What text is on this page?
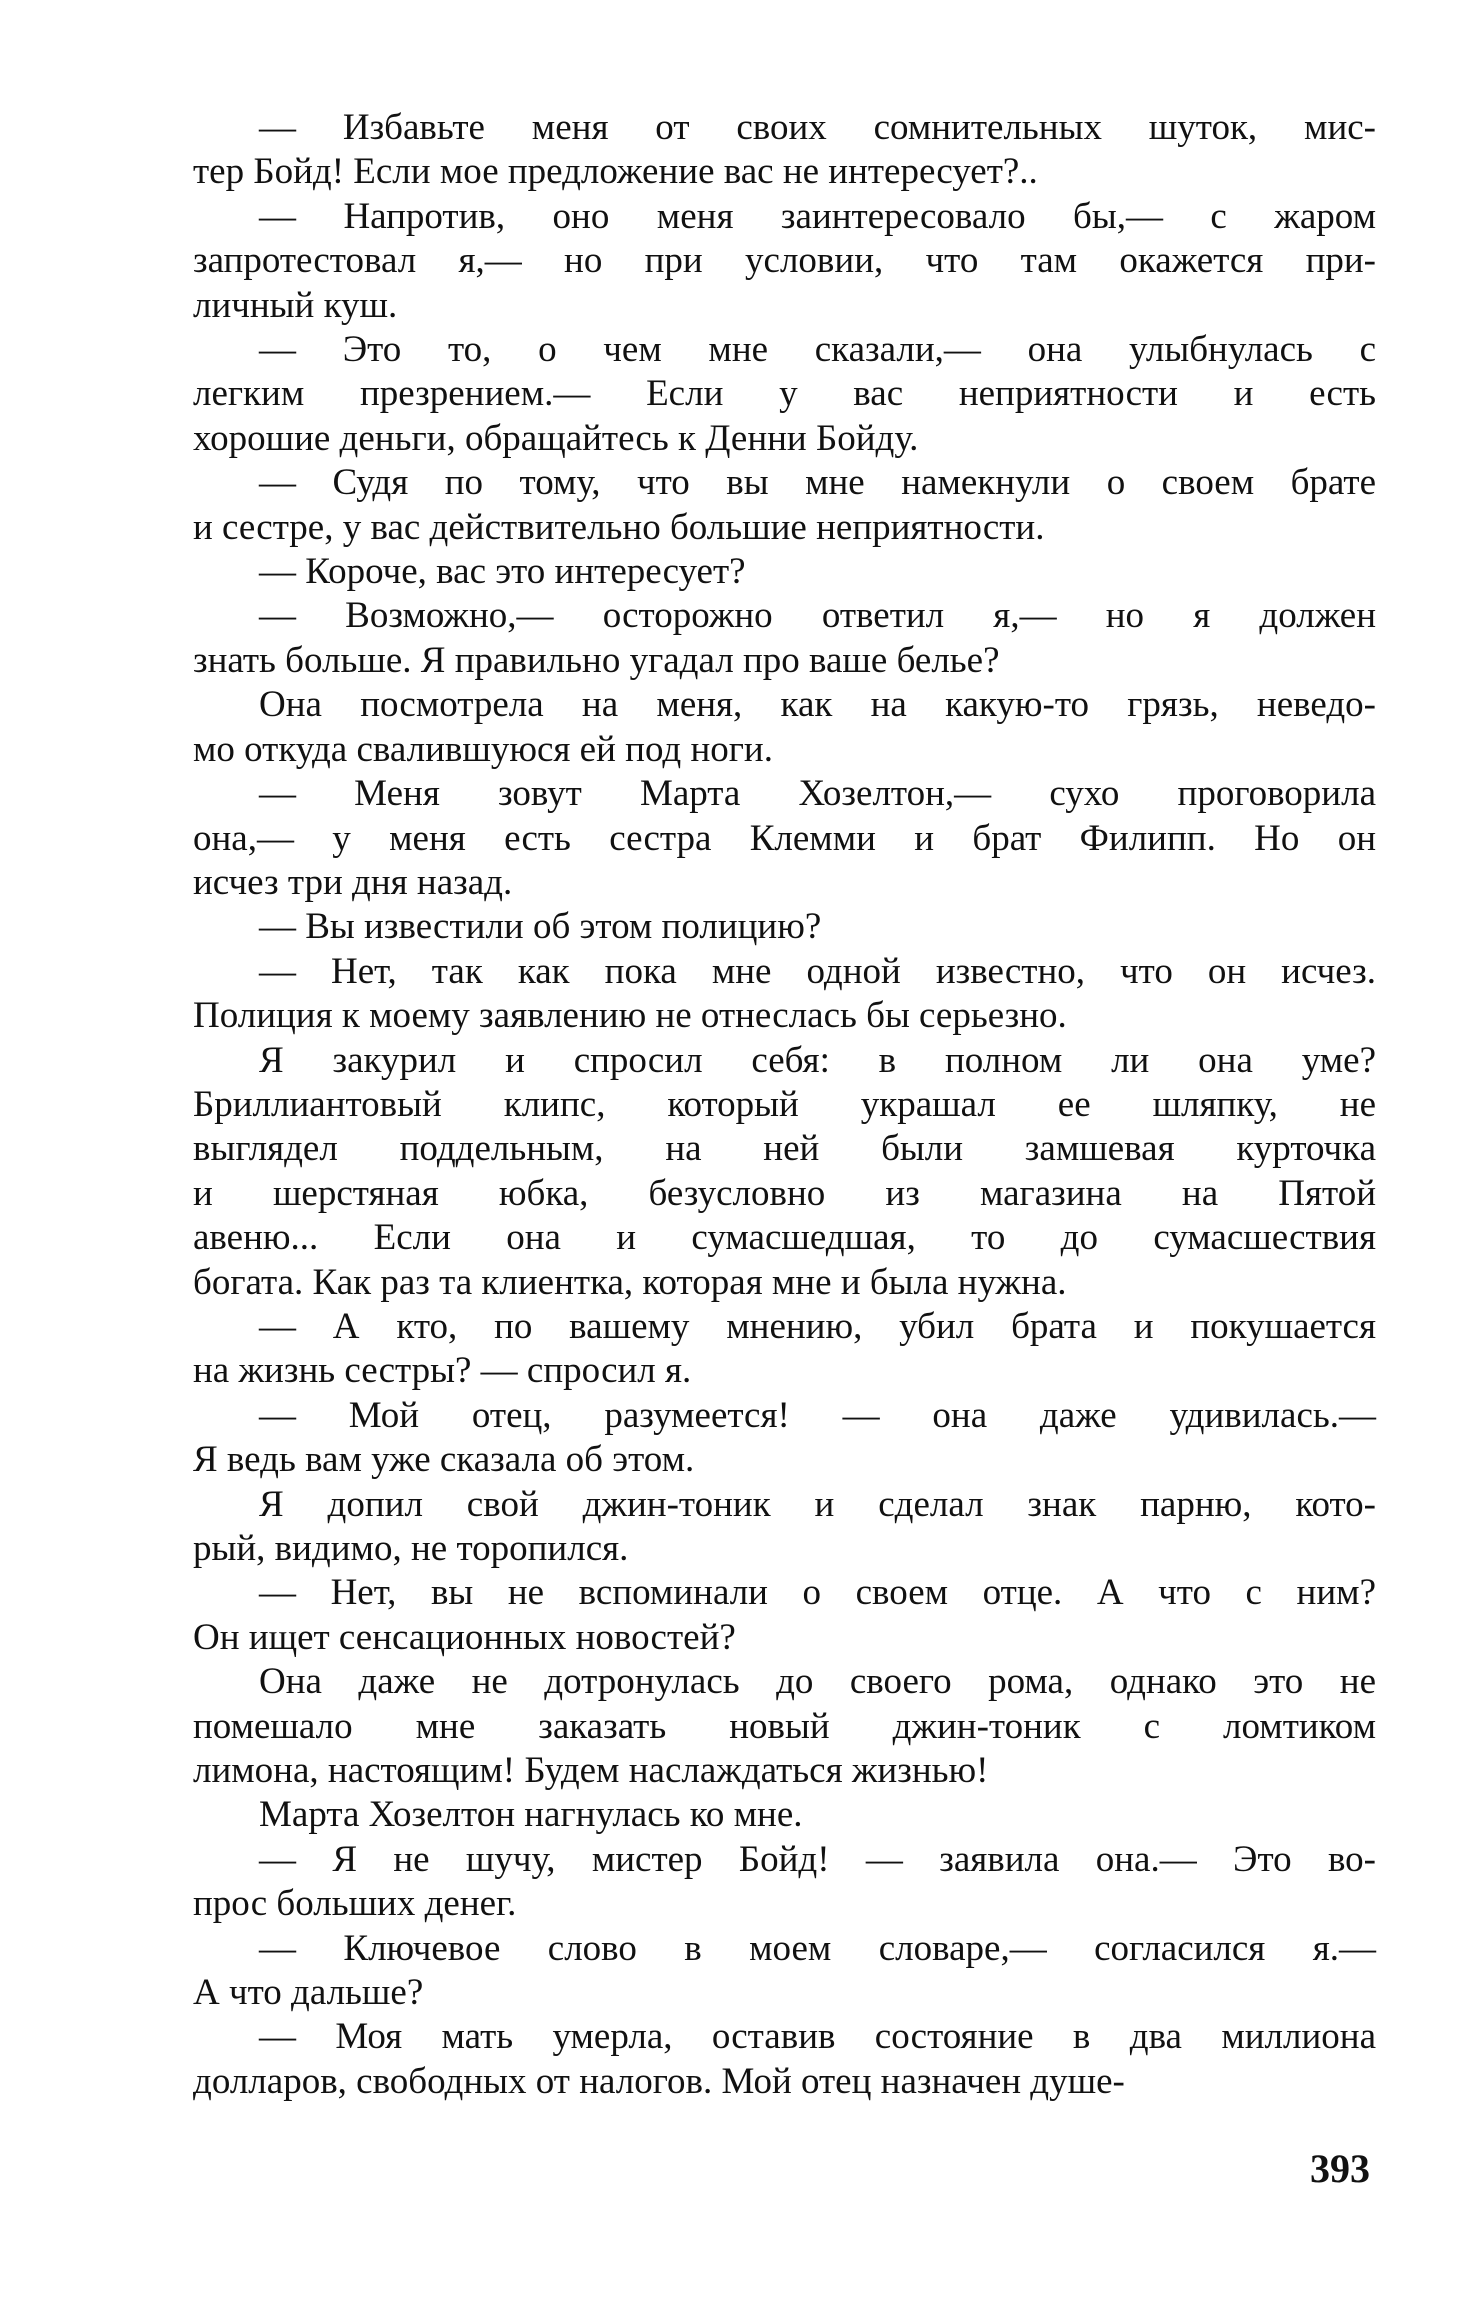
— Избавьте меня от своих сомнительных шуток, мис-
тер Бойд! Если мое предложение вас не интересует?..
— Напротив, оно меня заинтересовало бы,— с жаром
запротестовал я,— но при условии, что там окажется при-
личный куш.
— Это то, о чем мне сказали,— она улыбнулась с
легким презрением.— Если у вас неприятности и есть
хорошие деньги, обращайтесь к Денни Бойду.
— Судя по тому, что вы мне намекнули о своем брате
и сестре, у вас действительно большие неприятности.
— Короче, вас это интересует?
— Возможно,— осторожно ответил я,— но я должен
знать больше. Я правильно угадал про ваше белье?
Она посмотрела на меня, как на какую-то грязь, неведо-
мо откуда свалившуюся ей под ноги.
— Меня зовут Марта Хозелтон,— сухо проговорила
она,— у меня есть сестра Клемми и брат Филипп. Но он
исчез три дня назад.
— Вы известили об этом полицию?
— Нет, так как пока мне одной известно, что он исчез.
Полиция к моему заявлению не отнеслась бы серьезно.
Я закурил и спросил себя: в полном ли она уме?
Бриллиантовый клипс, который украшал ее шляпку, не
выглядел поддельным, на ней были замшевая курточка
и шерстяная юбка, безусловно из магазина на Пятой
авеню... Если она и сумасшедшая, то до сумасшествия
богата. Как раз та клиентка, которая мне и была нужна.
— А кто, по вашему мнению, убил брата и покушается
на жизнь сестры? — спросил я.
— Мой отец, разумеется! — она даже удивилась.—
Я ведь вам уже сказала об этом.
Я допил свой джин-тоник и сделал знак парню, кото-
рый, видимо, не торопился.
— Нет, вы не вспоминали о своем отце. А что с ним?
Он ищет сенсационных новостей?
Она даже не дотронулась до своего рома, однако это не
помешало мне заказать новый джин-тоник с ломтиком
лимона, настоящим! Будем наслаждаться жизнью!
Марта Хозелтон нагнулась ко мне.
— Я не шучу, мистер Бойд! — заявила она.— Это во-
прос больших денег.
— Ключевое слово в моем словаре,— согласился я.—
А что дальше?
— Моя мать умерла, оставив состояние в два миллиона
долларов, свободных от налогов. Мой отец назначен душе-
393
